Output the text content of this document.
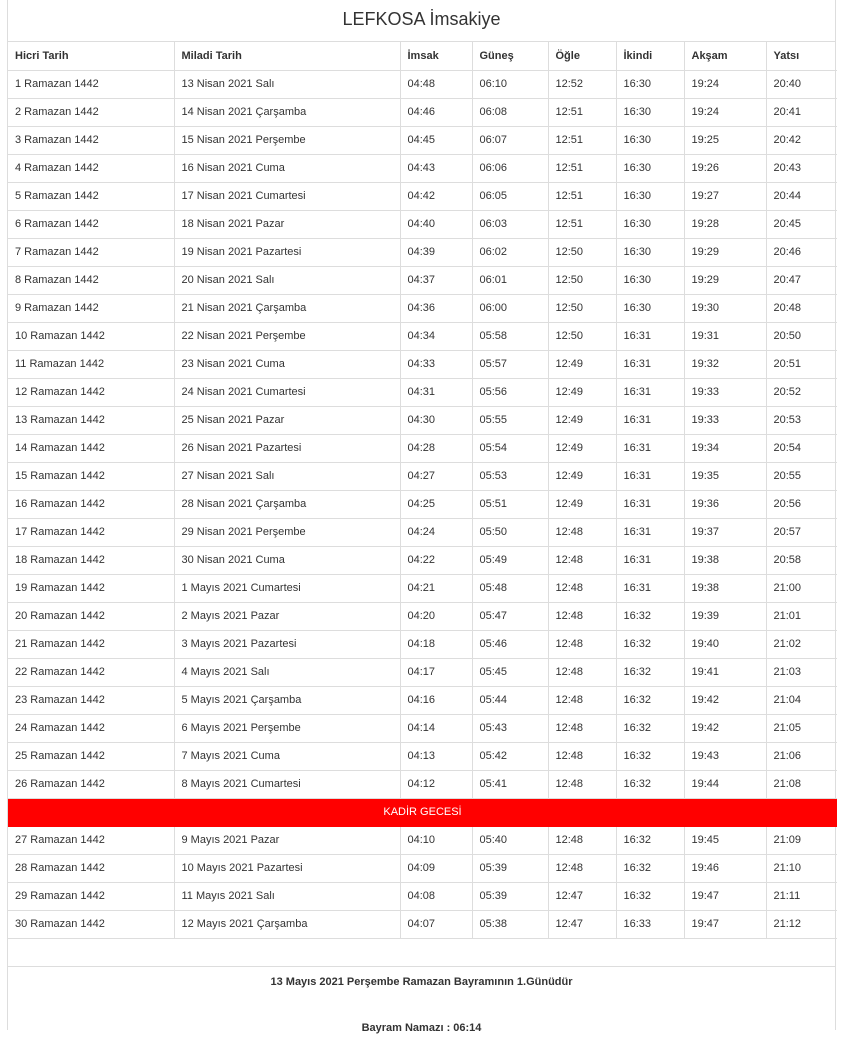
LEFKOSA İmsakiye
Hicri Tarih	Miladi Tarih	İmsak	Güneş	Öğle	İkindi	Akşam	Yatsı
1 Ramazan 1442	13 Nisan 2021 Salı	04:48	06:10	12:52	16:30	19:24	20:40
2 Ramazan 1442	14 Nisan 2021 Çarşamba	04:46	06:08	12:51	16:30	19:24	20:41
3 Ramazan 1442	15 Nisan 2021 Perşembe	04:45	06:07	12:51	16:30	19:25	20:42
4 Ramazan 1442	16 Nisan 2021 Cuma	04:43	06:06	12:51	16:30	19:26	20:43
5 Ramazan 1442	17 Nisan 2021 Cumartesi	04:42	06:05	12:51	16:30	19:27	20:44
6 Ramazan 1442	18 Nisan 2021 Pazar	04:40	06:03	12:51	16:30	19:28	20:45
7 Ramazan 1442	19 Nisan 2021 Pazartesi	04:39	06:02	12:50	16:30	19:29	20:46
8 Ramazan 1442	20 Nisan 2021 Salı	04:37	06:01	12:50	16:30	19:29	20:47
9 Ramazan 1442	21 Nisan 2021 Çarşamba	04:36	06:00	12:50	16:30	19:30	20:48
10 Ramazan 1442	22 Nisan 2021 Perşembe	04:34	05:58	12:50	16:31	19:31	20:50
11 Ramazan 1442	23 Nisan 2021 Cuma	04:33	05:57	12:49	16:31	19:32	20:51
12 Ramazan 1442	24 Nisan 2021 Cumartesi	04:31	05:56	12:49	16:31	19:33	20:52
13 Ramazan 1442	25 Nisan 2021 Pazar	04:30	05:55	12:49	16:31	19:33	20:53
14 Ramazan 1442	26 Nisan 2021 Pazartesi	04:28	05:54	12:49	16:31	19:34	20:54
15 Ramazan 1442	27 Nisan 2021 Salı	04:27	05:53	12:49	16:31	19:35	20:55
16 Ramazan 1442	28 Nisan 2021 Çarşamba	04:25	05:51	12:49	16:31	19:36	20:56
17 Ramazan 1442	29 Nisan 2021 Perşembe	04:24	05:50	12:48	16:31	19:37	20:57
18 Ramazan 1442	30 Nisan 2021 Cuma	04:22	05:49	12:48	16:31	19:38	20:58
19 Ramazan 1442	1 Mayıs 2021 Cumartesi	04:21	05:48	12:48	16:31	19:38	21:00
20 Ramazan 1442	2 Mayıs 2021 Pazar	04:20	05:47	12:48	16:32	19:39	21:01
21 Ramazan 1442	3 Mayıs 2021 Pazartesi	04:18	05:46	12:48	16:32	19:40	21:02
22 Ramazan 1442	4 Mayıs 2021 Salı	04:17	05:45	12:48	16:32	19:41	21:03
23 Ramazan 1442	5 Mayıs 2021 Çarşamba	04:16	05:44	12:48	16:32	19:42	21:04
24 Ramazan 1442	6 Mayıs 2021 Perşembe	04:14	05:43	12:48	16:32	19:42	21:05
25 Ramazan 1442	7 Mayıs 2021 Cuma	04:13	05:42	12:48	16:32	19:43	21:06
26 Ramazan 1442	8 Mayıs 2021 Cumartesi	04:12	05:41	12:48	16:32	19:44	21:08
KADİR GECESİ							
27 Ramazan 1442	9 Mayıs 2021 Pazar	04:10	05:40	12:48	16:32	19:45	21:09
28 Ramazan 1442	10 Mayıs 2021 Pazartesi	04:09	05:39	12:48	16:32	19:46	21:10
29 Ramazan 1442	11 Mayıs 2021 Salı	04:08	05:39	12:47	16:32	19:47	21:11
30 Ramazan 1442	12 Mayıs 2021 Çarşamba	04:07	05:38	12:47	16:33	19:47	21:12
13 Mayıs 2021 Perşembe Ramazan Bayramının 1.Günüdür
Bayram Namazı : 06:14
